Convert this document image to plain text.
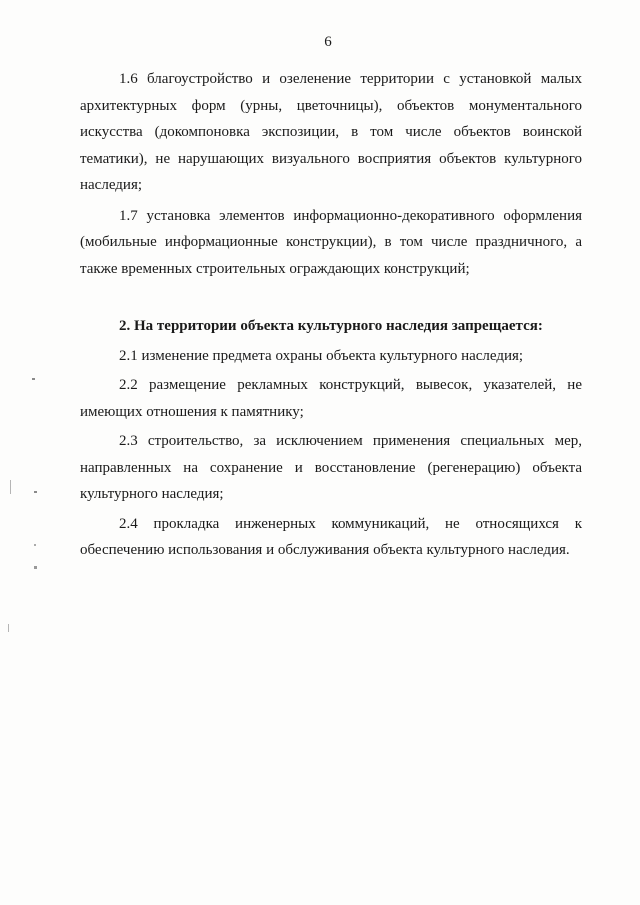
6

1.6 благоустройство и озеленение территории с установкой малых архитектурных форм (урны, цветочницы), объектов монументального искусства (докомпоновка экспозиции, в том числе объектов воинской тематики), не нарушающих визуального восприятия объектов культурного наследия;

1.7 установка элементов информационно-декоративного оформления (мобильные информационные конструкции), в том числе праздничного, а также временных строительных ограждающих конструкций;

2. На территории объекта культурного наследия запрещается:

2.1 изменение предмета охраны объекта культурного наследия;

2.2 размещение рекламных конструкций, вывесок, указателей, не имеющих отношения к памятнику;

2.3 строительство, за исключением применения специальных мер, направленных на сохранение и восстановление (регенерацию) объекта культурного наследия;

2.4 прокладка инженерных коммуникаций, не относящихся к обеспечению использования и обслуживания объекта культурного наследия.
